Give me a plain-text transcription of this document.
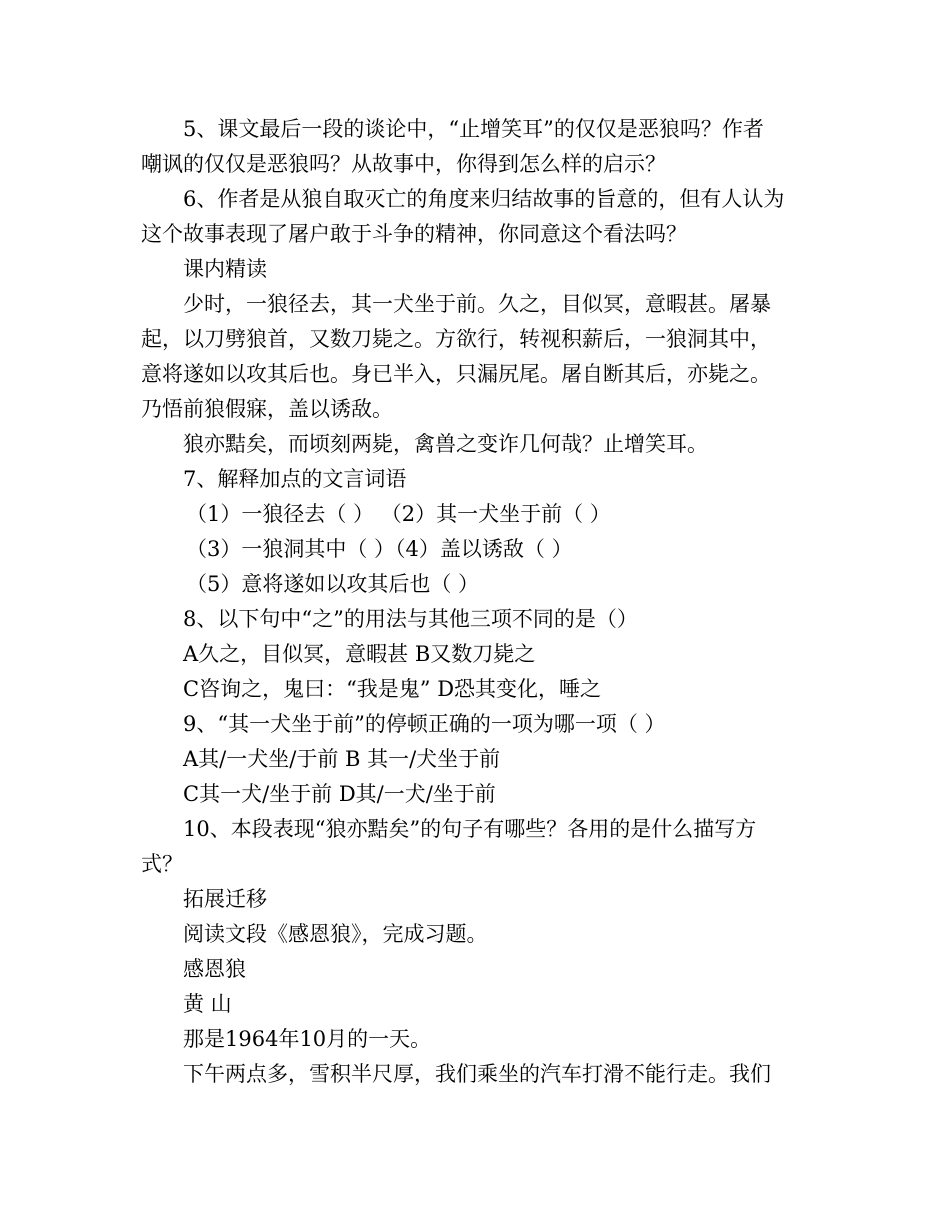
5、课文最后一段的谈论中，“止增笑耳”的仅仅是恶狼吗？作者
嘲讽的仅仅是恶狼吗？从故事中，你得到怎么样的启示？
6、作者是从狼自取灭亡的角度来归结故事的旨意的，但有人认为
这个故事表现了屠户敢于斗争的精神，你同意这个看法吗？
课内精读
少时，一狼径去，其一犬坐于前。久之，目似冥，意暇甚。屠暴
起，以刀劈狼首，又数刀毙之。方欲行，转视积薪后，一狼洞其中，
意将遂如以攻其后也。身已半入，只漏尻尾。屠自断其后，亦毙之。
乃悟前狼假寐，盖以诱敌。
狼亦黠矣，而顷刻两毙，禽兽之变诈几何哉？止增笑耳。
7、解释加点的文言词语
（1）一狼径去（ ） （2）其一犬坐于前（ ）
（3）一狼洞其中（ ）（4）盖以诱敌（ ）
（5）意将遂如以攻其后也（ ）
8、以下句中“之”的用法与其他三项不同的是（）
A久之，目似冥，意暇甚 B又数刀毙之
C咨询之，鬼曰：“我是鬼” D恐其变化，唾之
9、“其一犬坐于前”的停顿正确的一项为哪一项（ ）
A其/一犬坐/于前 B 其一/犬坐于前
C其一犬/坐于前 D其/一犬/坐于前
10、本段表现“狼亦黠矣”的句子有哪些？各用的是什么描写方
式？
拓展迁移
阅读文段《感恩狼》，完成习题。
感恩狼
黄 山
那是1964年10月的一天。
下午两点多，雪积半尺厚，我们乘坐的汽车打滑不能行走。我们
